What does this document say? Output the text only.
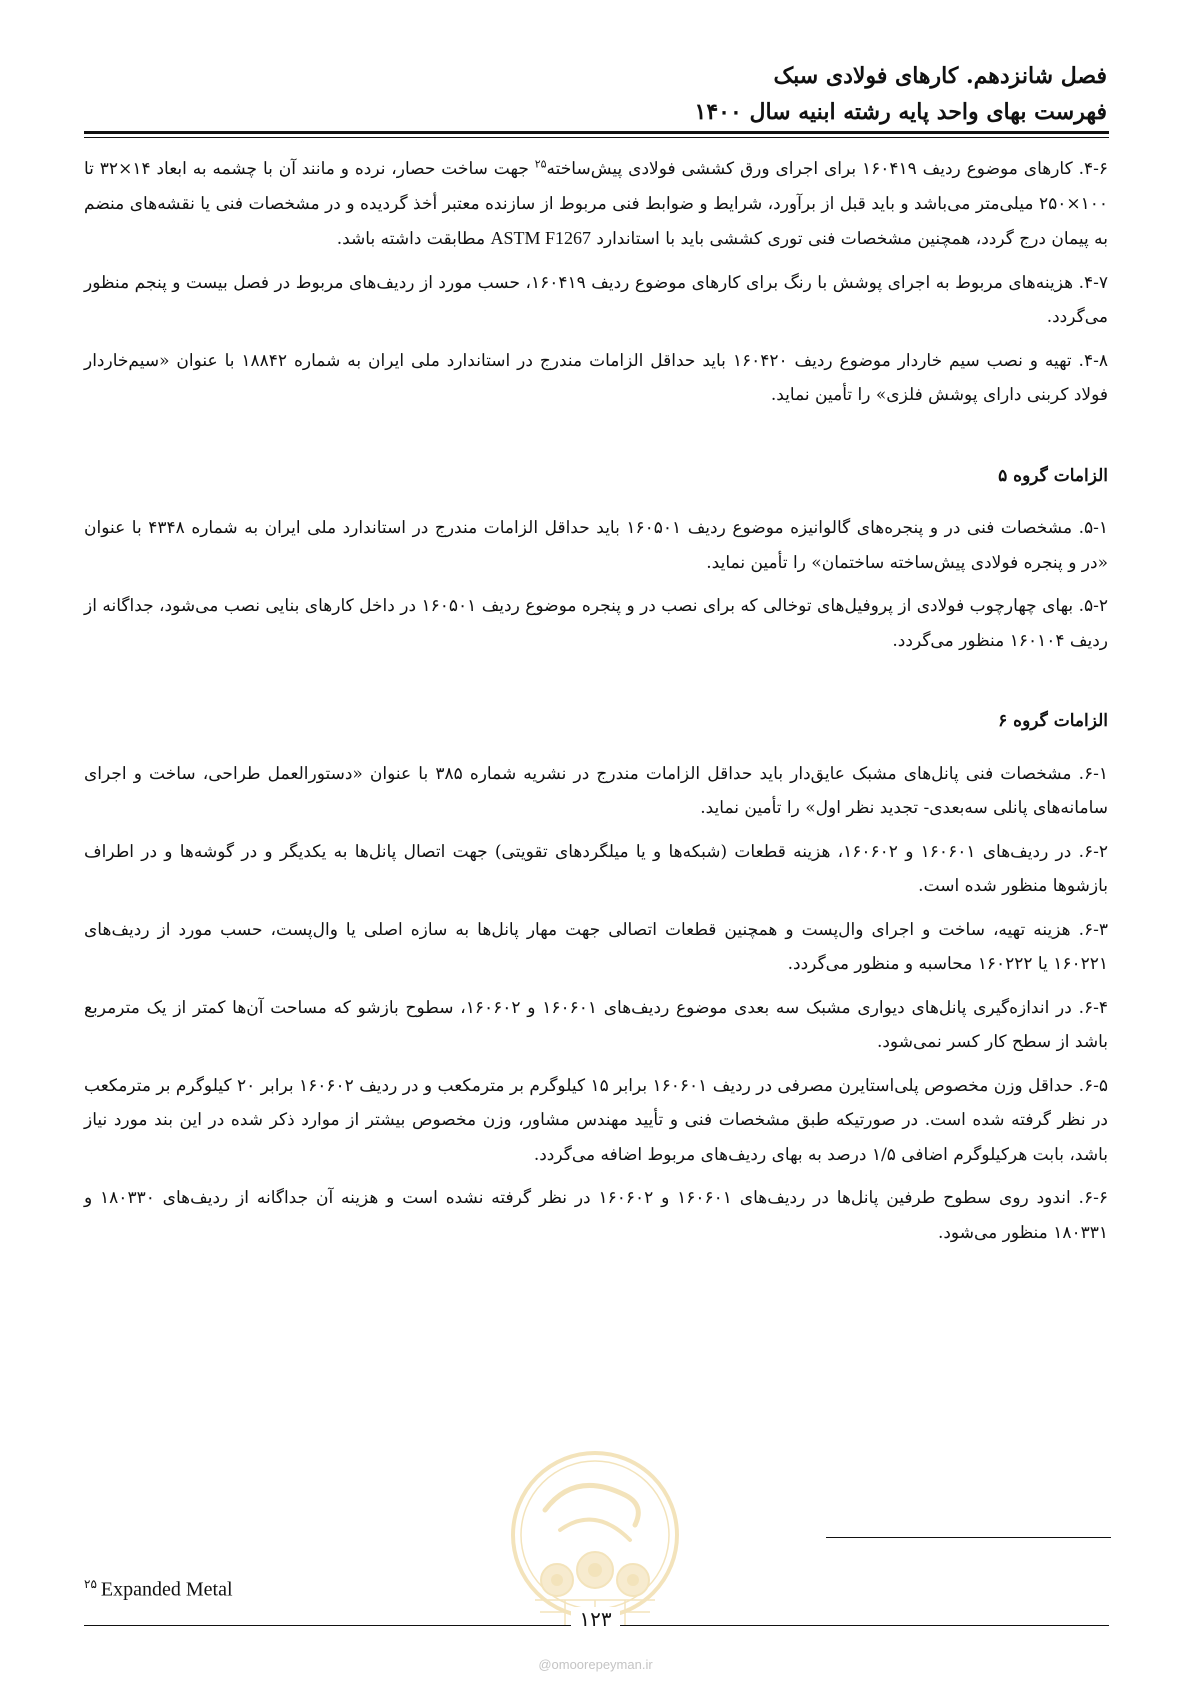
فصل شانزدهم. کارهای فولادی سبک
فهرست بهای واحد پایه رشته ابنیه سال ۱۴۰۰

۴-۶. کارهای موضوع ردیف ۱۶۰۴۱۹ برای اجرای ورق کششی فولادی پیش‌ساخته$^{۲۵}$ جهت ساخت حصار، نرده و مانند آن با چشمه به ابعاد ۱۴×۳۲ تا ۱۰۰×۲۵۰ میلی‌متر می‌باشد و باید قبل از برآورد، شرایط و ضوابط فنی مربوط از سازنده معتبر أخذ گردیده و در مشخصات فنی یا نقشه‌های منضم به پیمان درج گردد، همچنین مشخصات فنی توری کششی باید با استاندارد ASTM F1267 مطابقت داشته باشد.

۴-۷. هزینه‌های مربوط به اجرای پوشش با رنگ برای کارهای موضوع ردیف ۱۶۰۴۱۹، حسب مورد از ردیف‌های مربوط در فصل بیست و پنجم منظور می‌گردد.

۴-۸. تهیه و نصب سیم خاردار موضوع ردیف ۱۶۰۴۲۰ باید حداقل الزامات مندرج در استاندارد ملی ایران به شماره ۱۸۸۴۲ با عنوان «سیم‌خاردار فولاد کربنی دارای پوشش فلزی» را تأمین نماید.

الزامات گروه ۵

۵-۱. مشخصات فنی در و پنجره‌های گالوانیزه موضوع ردیف ۱۶۰۵۰۱ باید حداقل الزامات مندرج در استاندارد ملی ایران به شماره ۴۳۴۸ با عنوان «در و پنجره فولادی پیش‌ساخته ساختمان» را تأمین نماید.

۵-۲. بهای چهارچوب فولادی از پروفیل‌های توخالی که برای نصب در و پنجره موضوع ردیف ۱۶۰۵۰۱ در داخل کارهای بنایی نصب می‌شود، جداگانه از ردیف ۱۶۰۱۰۴ منظور می‌گردد.

الزامات گروه ۶

۶-۱. مشخصات فنی پانل‌های مشبک عایق‌دار باید حداقل الزامات مندرج در نشریه شماره ۳۸۵ با عنوان «دستورالعمل طراحی، ساخت و اجرای سامانه‌های پانلی سه‌بعدی- تجدید نظر اول» را تأمین نماید.

۶-۲. در ردیف‌های ۱۶۰۶۰۱ و ۱۶۰۶۰۲، هزینه قطعات (شبکه‌ها و یا میلگردهای تقویتی) جهت اتصال پانل‌ها به یکدیگر و در گوشه‌ها و در اطراف بازشوها منظور شده است.

۶-۳. هزینه تهیه، ساخت و اجرای وال‌پست و همچنین قطعات اتصالی جهت مهار پانل‌ها به سازه اصلی یا وال‌پست، حسب مورد از ردیف‌های ۱۶۰۲۲۱ یا ۱۶۰۲۲۲ محاسبه و منظور می‌گردد.

۶-۴. در اندازه‌گیری پانل‌های دیواری مشبک سه بعدی موضوع ردیف‌های ۱۶۰۶۰۱ و ۱۶۰۶۰۲، سطوح بازشو که مساحت آن‌ها کمتر از یک مترمربع باشد از سطح کار کسر نمی‌شود.

۶-۵. حداقل وزن مخصوص پلی‌استایرن مصرفی در ردیف ۱۶۰۶۰۱ برابر ۱۵ کیلوگرم بر مترمکعب و در ردیف ۱۶۰۶۰۲ برابر ۲۰ کیلوگرم بر مترمکعب در نظر گرفته شده است. در صورتیکه طبق مشخصات فنی و تأیید مهندس مشاور، وزن مخصوص بیشتر از موارد ذکر شده در این بند مورد نیاز باشد، بابت هرکیلوگرم اضافی ۱/۵ درصد به بهای ردیف‌های مربوط اضافه می‌گردد.

۶-۶. اندود روی سطوح طرفین پانل‌ها در ردیف‌های ۱۶۰۶۰۱ و ۱۶۰۶۰۲ در نظر گرفته نشده است و هزینه آن جداگانه از ردیف‌های ۱۸۰۳۳۰ و ۱۸۰۳۳۱ منظور می‌شود.

$^{۲۵}$ Expanded Metal
۱۲۳
@omoorepeyman.ir
